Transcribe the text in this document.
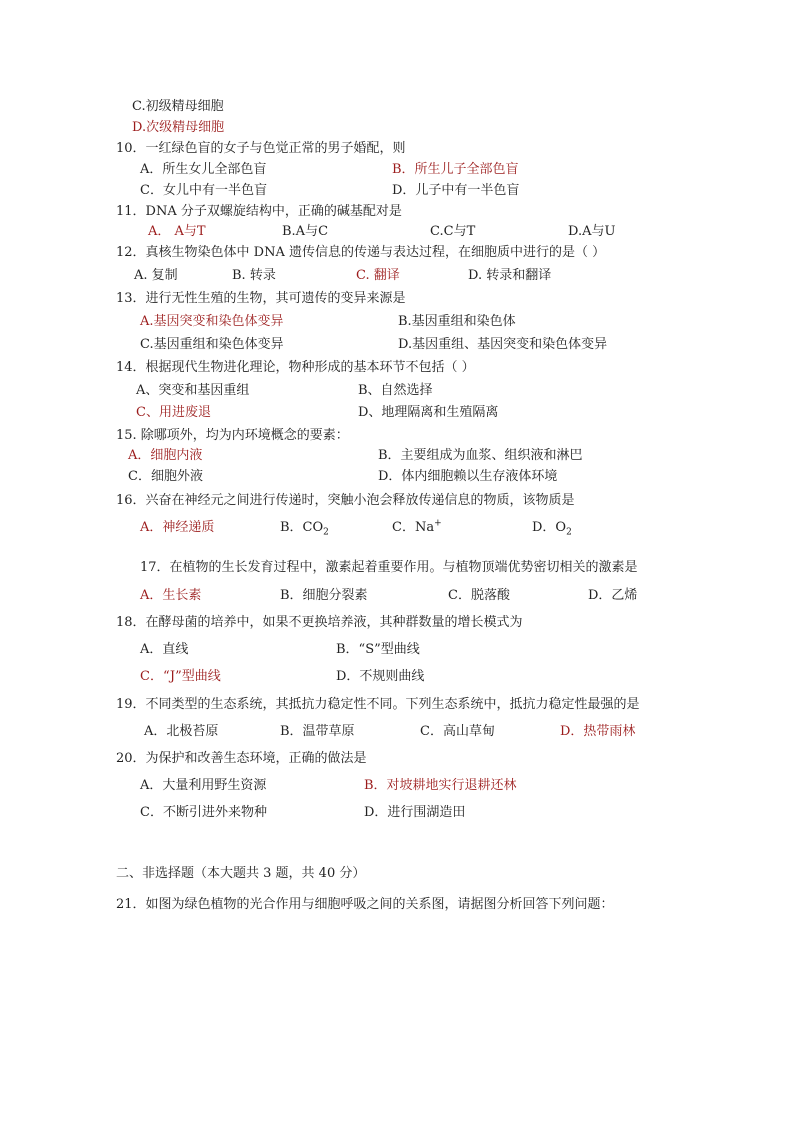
C.初级精母细胞
D.次级精母细胞
10．一红绿色盲的女子与色觉正常的男子婚配，则
A．所生女儿全部色盲	B．所生儿子全部色盲
C．女儿中有一半色盲	D．儿子中有一半色盲
11．DNA 分子双螺旋结构中，正确的碱基配对是
A． A与T	B.A与C	C.C与T	D.A与U
12．真核生物染色体中 DNA 遗传信息的传递与表达过程，在细胞质中进行的是（ ）
A. 复制	B. 转录	C. 翻译	D. 转录和翻译
13．进行无性生殖的生物，其可遗传的变异来源是
A.基因突变和染色体变异	B.基因重组和染色体
C.基因重组和染色体变异	D.基因重组、基因突变和染色体变异
14．根据现代生物进化理论，物种形成的基本环节不包括（ ）
A、突变和基因重组	B、自然选择
C、用进废退	D、地理隔离和生殖隔离
15. 除哪项外，均为内环境概念的要素：
A．细胞内液	B．主要组成为血浆、组织液和淋巴
C．细胞外液	D．体内细胞赖以生存液体环境
16．兴奋在神经元之间进行传递时，突触小泡会释放传递信息的物质，该物质是
A．神经递质	B．$CO_2$	C．Na+	D．$O_2$
17．在植物的生长发育过程中，激素起着重要作用。与植物顶端优势密切相关的激素是
A．生长素	B．细胞分裂素	C．脱落酸	D．乙烯
18．在酵母菌的培养中，如果不更换培养液，其种群数量的增长模式为
A．直线	B．“S”型曲线
C．“J”型曲线	D．不规则曲线
19．不同类型的生态系统，其抵抗力稳定性不同。下列生态系统中，抵抗力稳定性最强的是
A．北极苔原	B．温带草原	C．高山草甸	D．热带雨林
20．为保护和改善生态环境，正确的做法是
A．大量利用野生资源	B．对坡耕地实行退耕还林
C．不断引进外来物种	D．进行围湖造田
二、非选择题（本大题共 3 题，共 40 分）
21．如图为绿色植物的光合作用与细胞呼吸之间的关系图，请据图分析回答下列问题：
